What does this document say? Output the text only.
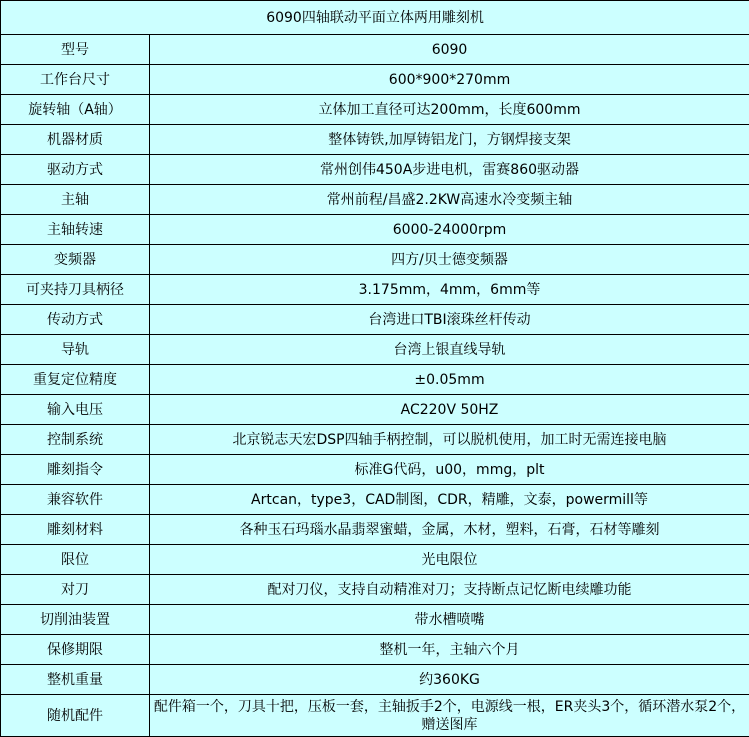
6090四轴联动平面立体两用雕刻机	
型号	6090
工作台尺寸	600*900*270mm
旋转轴（A轴）	立体加工直径可达200mm，长度600mm
机器材质	整体铸铁,加厚铸铝龙门，方钢焊接支架
驱动方式	常州创伟450A步进电机，雷赛860驱动器
主轴	常州前程/昌盛2.2KW高速水冷变频主轴
主轴转速	6000-24000rpm
变频器	四方/贝士德变频器
可夹持刀具柄径	3.175mm，4mm，6mm等
传动方式	台湾进口TBI滚珠丝杆传动
导轨	台湾上银直线导轨
重复定位精度	±0.05mm
输入电压	AC220V 50HZ
控制系统	北京锐志天宏DSP四轴手柄控制，可以脱机使用，加工时无需连接电脑
雕刻指令	标准G代码，u00，mmg，plt
兼容软件	Artcan，type3，CAD制图，CDR，精雕，文泰，powermill等
雕刻材料	各种玉石玛瑙水晶翡翠蜜蜡，金属，木材，塑料，石膏，石材等雕刻
限位	光电限位
对刀	配对刀仪，支持自动精准对刀；支持断点记忆断电续雕功能
切削油装置	带水槽喷嘴
保修期限	整机一年，主轴六个月
整机重量	约360KG
随机配件	配件箱一个，刀具十把，压板一套，主轴扳手2个，电源线一根，ER夹头3个，循环潜水泵2个，赠送图库
